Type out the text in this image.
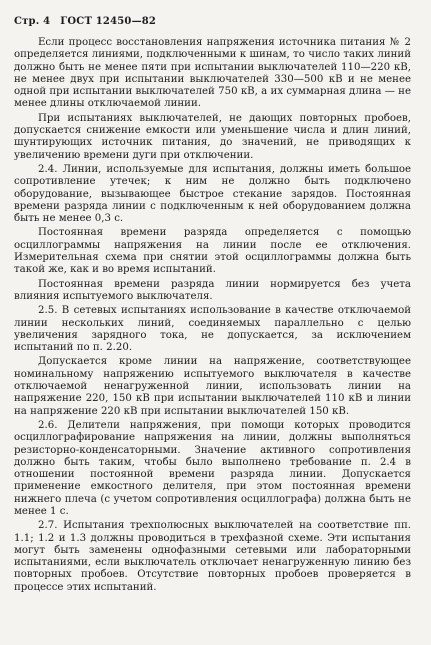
Стр. 4 ГОСТ 12450—82

Если процесс восстановления напряжения источника питания № 2 определяется линиями, подключенными к шинам, то число таких линий должно быть не менее пяти при испытании выключателей 110—220 кВ, не менее двух при испытании выключателей 330—500 кВ и не менее одной при испытании выключателей 750 кВ, а их суммарная длина — не менее длины отключаемой линии.

При испытаниях выключателей, не дающих повторных пробоев, допускается снижение емкости или уменьшение числа и длин линий, шунтирующих источник питания, до значений, не приводящих к увеличению времени дуги при отключении.

2.4. Линии, используемые для испытания, должны иметь большое сопротивление утечек; к ним не должно быть подключено оборудование, вызывающее быстрое стекание зарядов. Постоянная времени разряда линии с подключенным к ней оборудованием должна быть не менее 0,3 с.

Постоянная времени разряда определяется с помощью осциллограммы напряжения на линии после ее отключения. Измерительная схема при снятии этой осциллограммы должна быть такой же, как и во время испытаний.

Постоянная времени разряда линии нормируется без учета влияния испытуемого выключателя.

2.5. В сетевых испытаниях использование в качестве отключаемой линии нескольких линий, соединяемых параллельно с целью увеличения зарядного тока, не допускается, за исключением испытаний по п. 2.20.

Допускается кроме линии на напряжение, соответствующее номинальному напряжению испытуемого выключателя в качестве отключаемой ненагруженной линии, использовать линии на напряжение 220, 150 кВ при испытании выключателей 110 кВ и линии на напряжение 220 кВ при испытании выключателей 150 кВ.

2.6. Делители напряжения, при помощи которых проводится осциллографирование напряжения на линии, должны выполняться резисторно-конденсаторными. Значение активного сопротивления должно быть таким, чтобы было выполнено требование п. 2.4 в отношении постоянной времени разряда линии. Допускается применение емкостного делителя, при этом постоянная времени нижнего плеча (с учетом сопротивления осциллографа) должна быть не менее 1 с.

2.7. Испытания трехполюсных выключателей на соответствие пп. 1.1; 1.2 и 1.3 должны проводиться в трехфазной схеме. Эти испытания могут быть заменены однофазными сетевыми или лабораторными испытаниями, если выключатель отключает ненагруженную линию без повторных пробоев. Отсутствие повторных пробоев проверяется в процессе этих испытаний.
